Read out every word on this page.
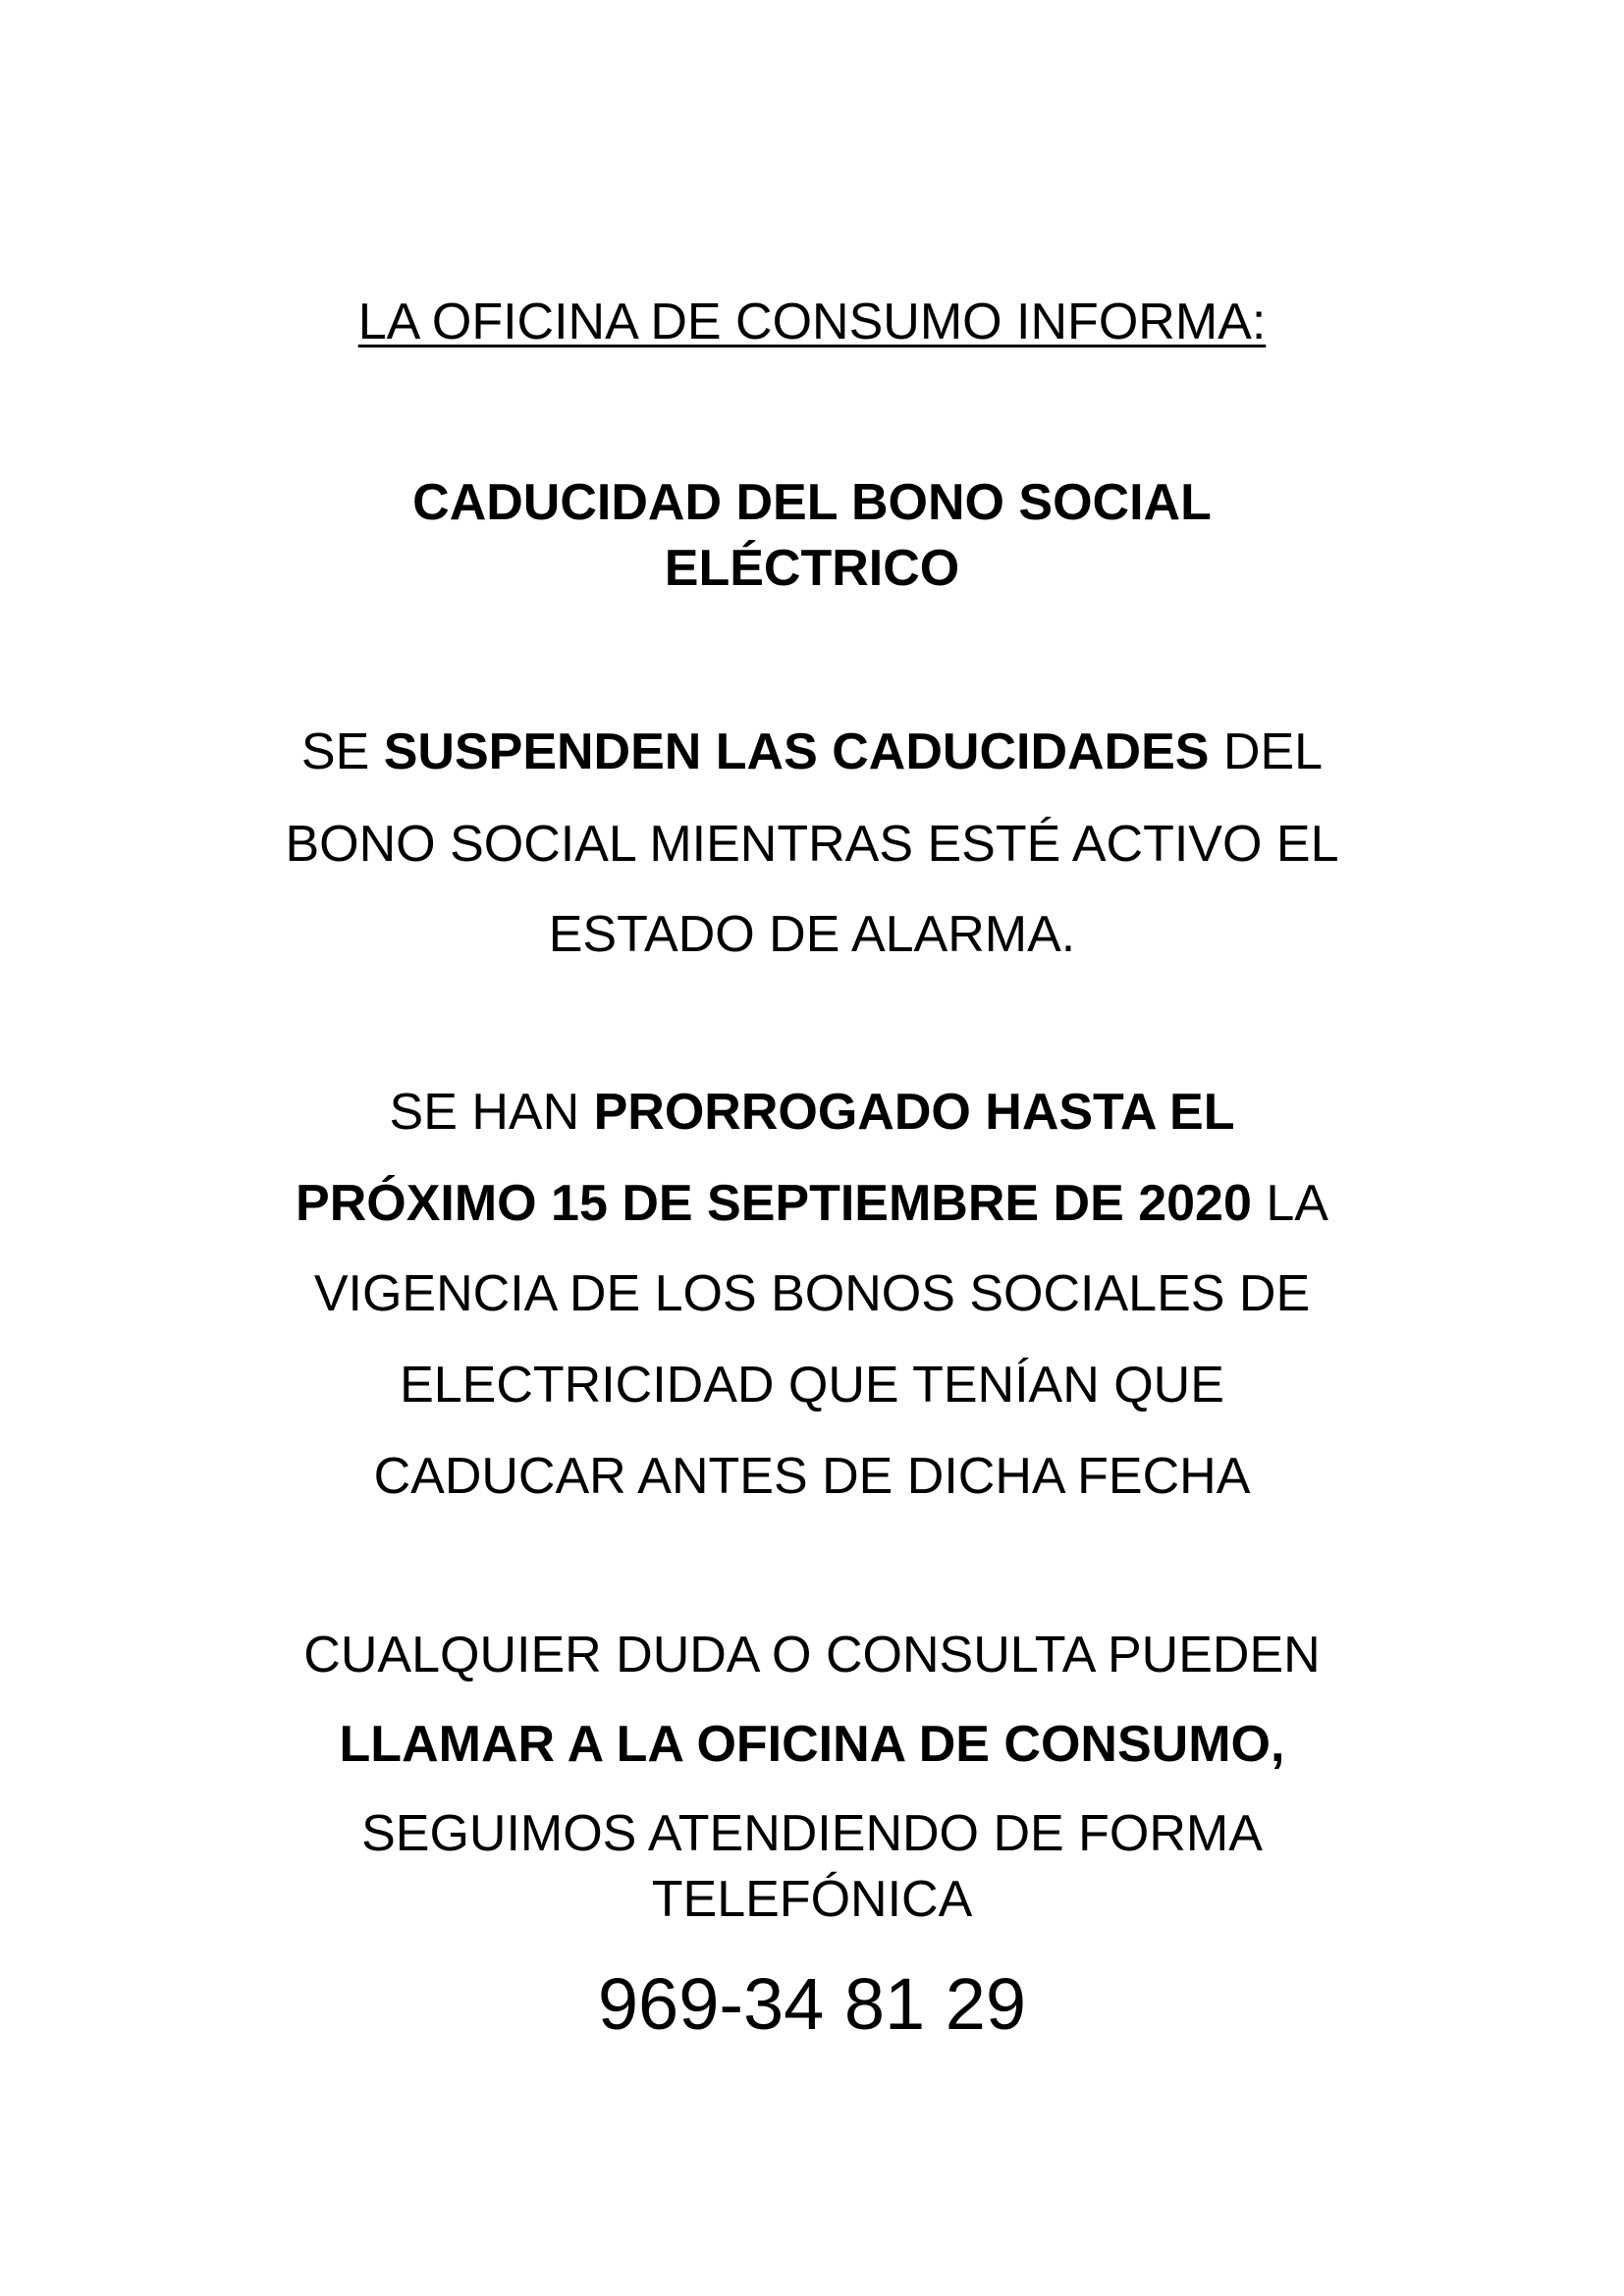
LA OFICINA DE CONSUMO INFORMA:
CADUCIDAD DEL BONO SOCIAL
ELÉCTRICO
SE SUSPENDEN LAS CADUCIDADES DEL
BONO SOCIAL MIENTRAS ESTÉ ACTIVO EL
ESTADO DE ALARMA.
SE HAN PRORROGADO HASTA EL
PRÓXIMO 15 DE SEPTIEMBRE DE 2020 LA
VIGENCIA DE LOS BONOS SOCIALES DE
ELECTRICIDAD QUE TENÍAN QUE
CADUCAR ANTES DE DICHA FECHA
CUALQUIER DUDA O CONSULTA PUEDEN
LLAMAR A LA OFICINA DE CONSUMO,
SEGUIMOS ATENDIENDO DE FORMA
TELEFÓNICA
969-34 81 29
